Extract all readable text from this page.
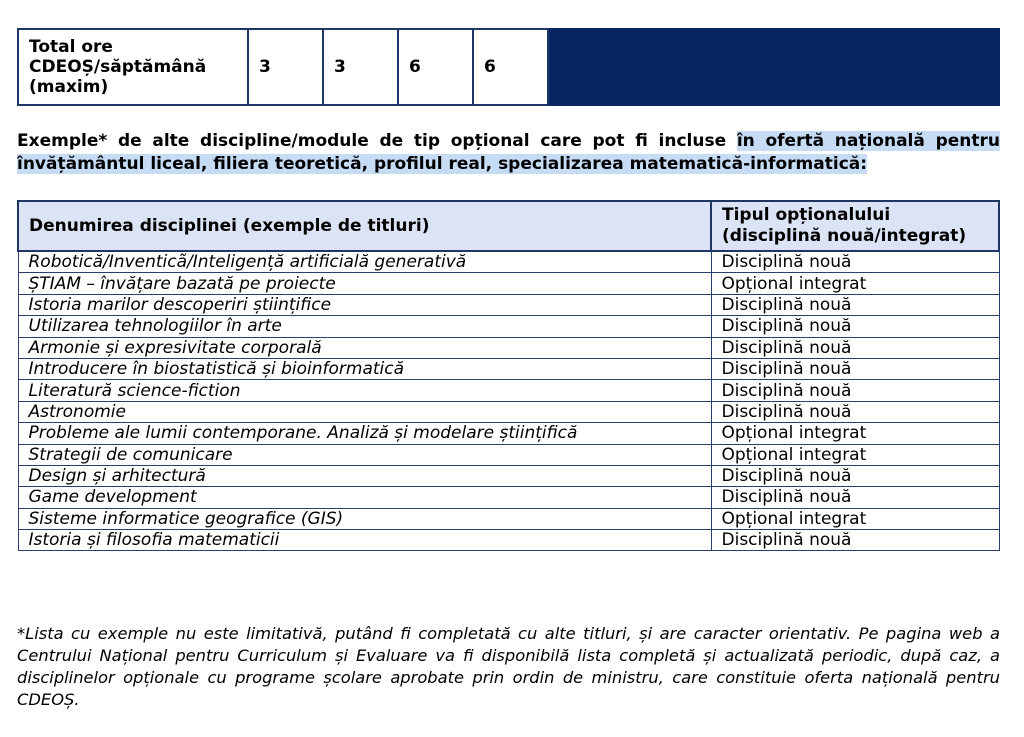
Total ore CDEOȘ/săptămână (maxim)	3	3	6	6	

Exemple* de alte discipline/module de tip opțional care pot fi incluse în ofertă națională pentru învățământul liceal, filiera teoretică, profilul real, specializarea matematică-informatică:

Denumirea disciplinei (exemple de titluri)	Tipul opționalului (disciplină nouă/integrat)
Robotică/Inventicã/Inteligență artificială generativă	Disciplină nouă
ȘTIAM – învățare bazată pe proiecte	Opțional integrat
Istoria marilor descoperiri științifice	Disciplină nouă
Utilizarea tehnologiilor în arte	Disciplină nouă
Armonie și expresivitate corporală	Disciplină nouă
Introducere în biostatistică și bioinformatică	Disciplină nouă
Literatură science-fiction	Disciplină nouă
Astronomie	Disciplină nouă
Probleme ale lumii contemporane. Analiză și modelare științifică	Opțional integrat
Strategii de comunicare	Opțional integrat
Design și arhitectură	Disciplină nouă
Game development	Disciplină nouă
Sisteme informatice geografice (GIS)	Opțional integrat
Istoria și filosofia matematicii	Disciplină nouă

*Lista cu exemple nu este limitativă, putând fi completată cu alte titluri, și are caracter orientativ. Pe pagina web a Centrului Național pentru Curriculum și Evaluare va fi disponibilă lista completă și actualizată periodic, după caz, a disciplinelor opționale cu programe școlare aprobate prin ordin de ministru, care constituie oferta națională pentru CDEOȘ.
